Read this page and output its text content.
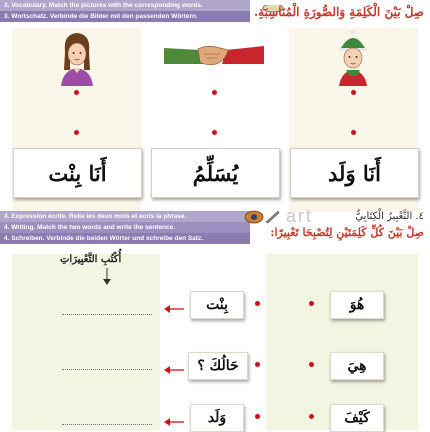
3. Vocabulary. Match the pictures with the corresponding words.
3. Wortschatz. Verbinde die Bilder mit den passenden Wörtern.	صِلْ بَيْنَ الْكَلِمَةِ وَالصُّورَةِ الْمُنَاسِبَةِ.
أَنَا بِنْت	يُسَلِّمُ	أَنَا وَلَد
4. Expression écrite. Relie les deux mots et écris la phrase.
4. Writing. Match the two words and write the sentence.
4. Schreiben. Verbinde die beiden Wörter und schreibe den Satz.
art	٤. التَّعْبِيرُ الْكِتَابِيُّ
صِلْ بَيْنَ كُلِّ كَلِمَتَيْنِ لِتُصْبِحَا تَعْبِيرًا:
أُكْتُبِ التَّعْبِيرَاتِ
بِنْت	هُوَ
حَالُكَ ؟	هِيَ
وَلَد	كَيْفَ
